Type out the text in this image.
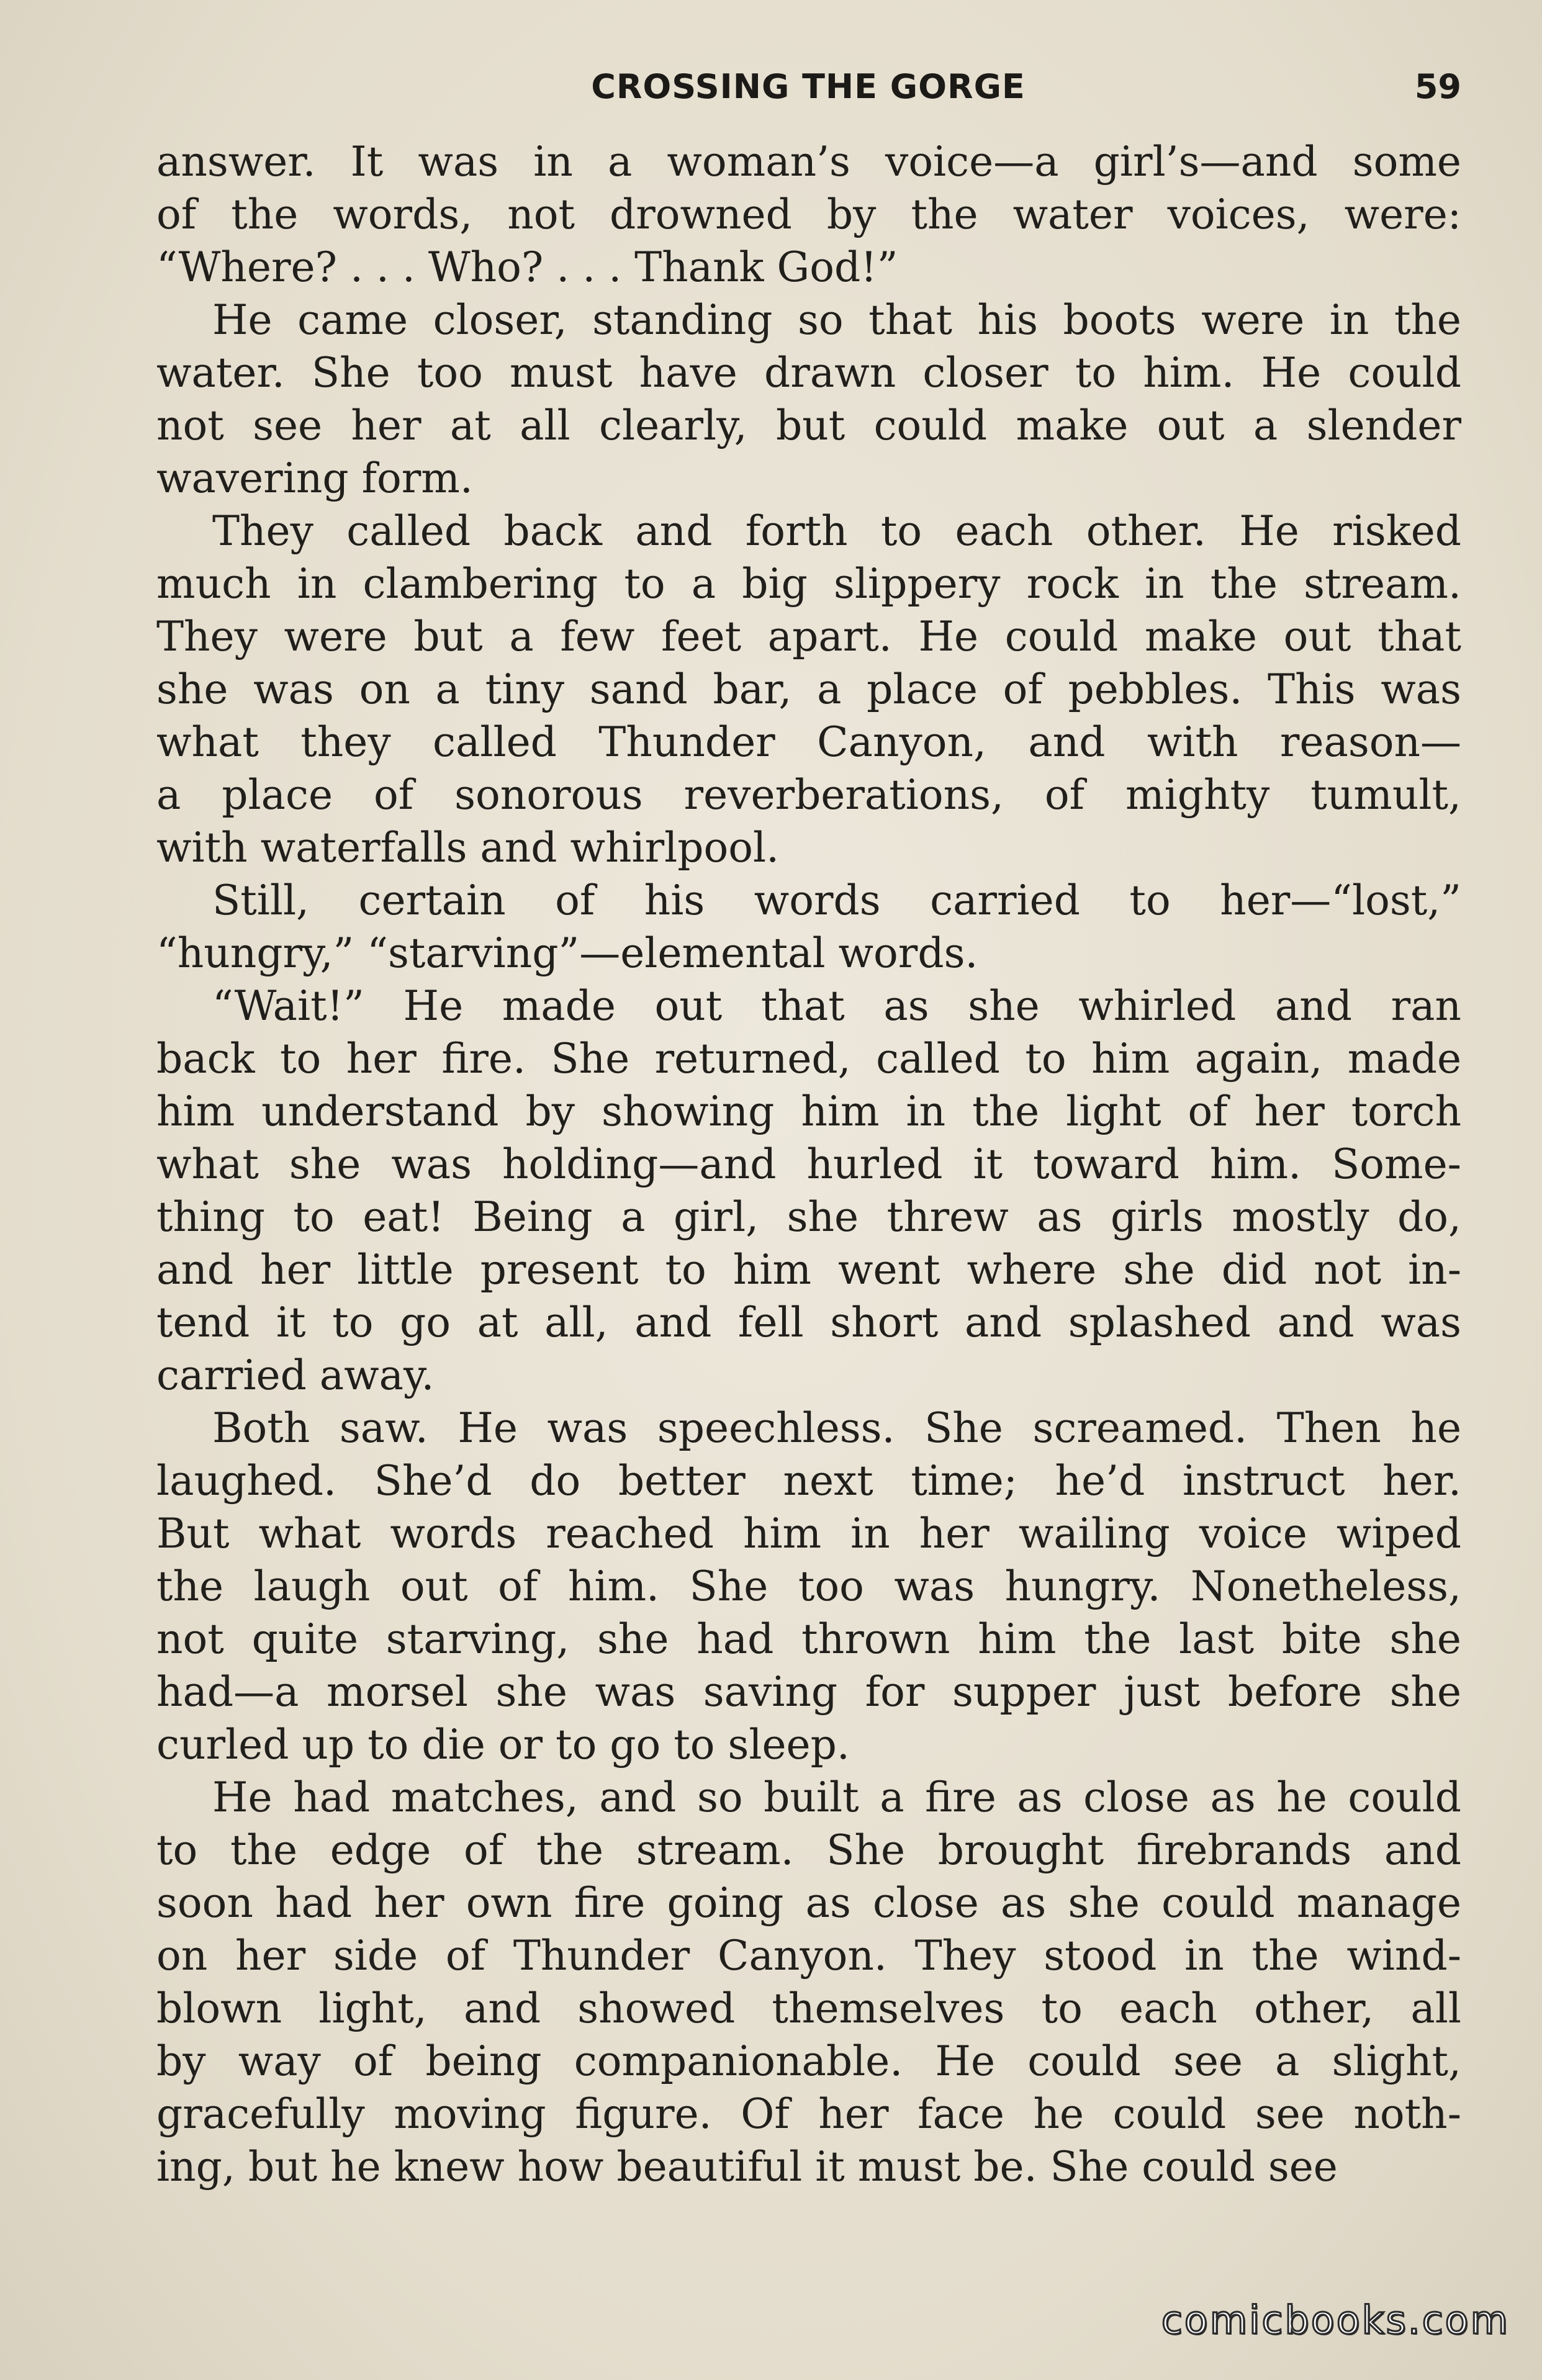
CROSSING THE GORGE	59
answer. It was in a woman’s voice—a girl’s—and some
of the words, not drowned by the water voices, were:
“Where? . . . Who? . . . Thank God!”
He came closer, standing so that his boots were in the
water. She too must have drawn closer to him. He could
not see her at all clearly, but could make out a slender
wavering form.
They called back and forth to each other. He risked
much in clambering to a big slippery rock in the stream.
They were but a few feet apart. He could make out that
she was on a tiny sand bar, a place of pebbles. This was
what they called Thunder Canyon, and with reason—
a place of sonorous reverberations, of mighty tumult,
with waterfalls and whirlpool.
Still, certain of his words carried to her—“lost,”
“hungry,” “starving”—elemental words.
“Wait!” He made out that as she whirled and ran
back to her fire. She returned, called to him again, made
him understand by showing him in the light of her torch
what she was holding—and hurled it toward him. Some-
thing to eat! Being a girl, she threw as girls mostly do,
and her little present to him went where she did not in-
tend it to go at all, and fell short and splashed and was
carried away.
Both saw. He was speechless. She screamed. Then he
laughed. She’d do better next time; he’d instruct her.
But what words reached him in her wailing voice wiped
the laugh out of him. She too was hungry. Nonetheless,
not quite starving, she had thrown him the last bite she
had—a morsel she was saving for supper just before she
curled up to die or to go to sleep.
He had matches, and so built a fire as close as he could
to the edge of the stream. She brought firebrands and
soon had her own fire going as close as she could manage
on her side of Thunder Canyon. They stood in the wind-
blown light, and showed themselves to each other, all
by way of being companionable. He could see a slight,
gracefully moving figure. Of her face he could see noth-
ing, but he knew how beautiful it must be. She could see
comicbooks.com
